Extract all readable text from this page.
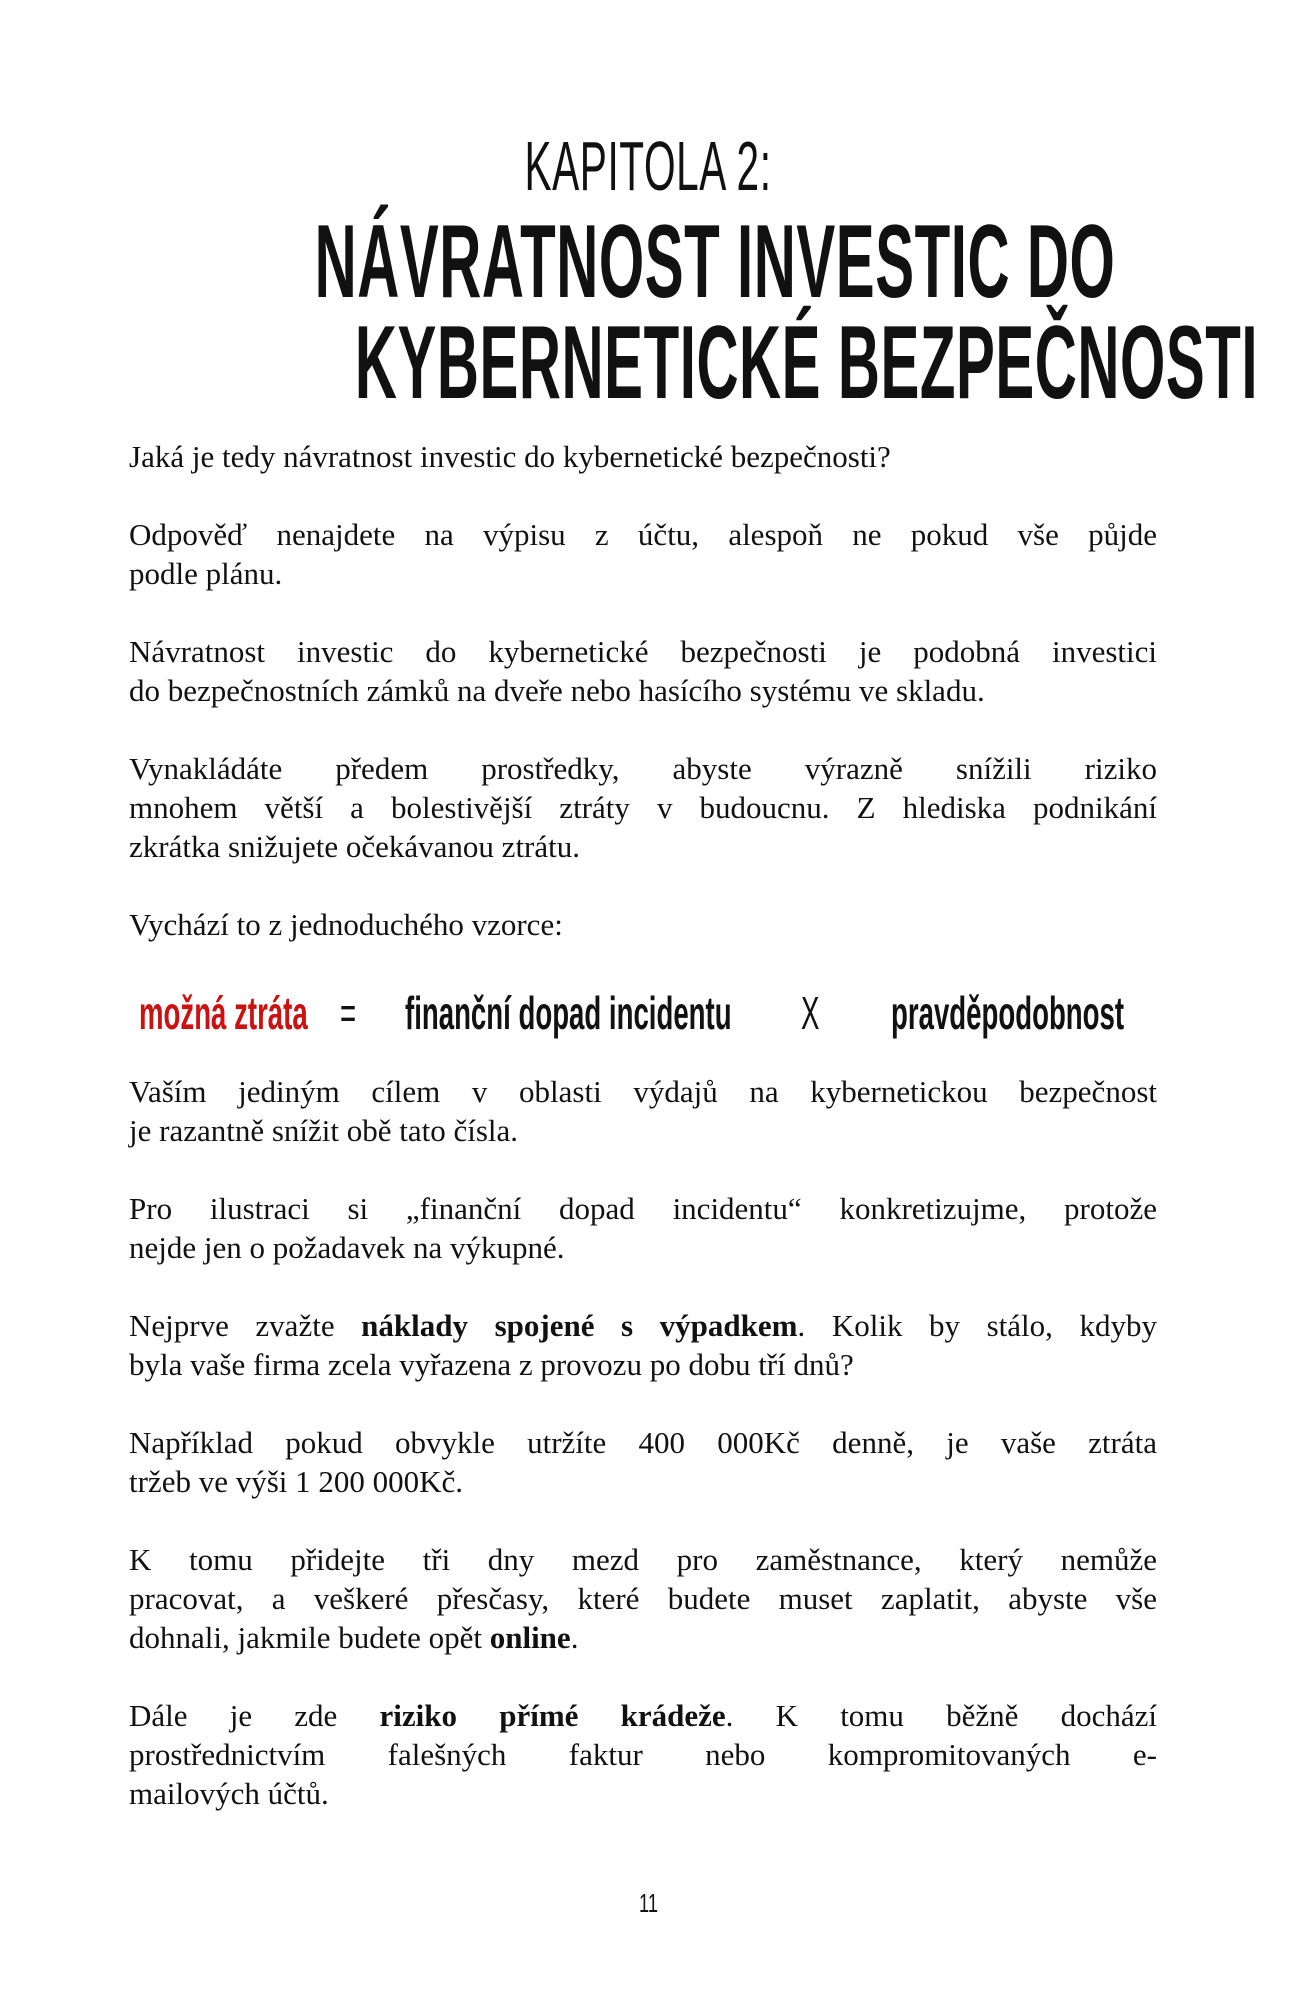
KAPITOLA 2:
NÁVRATNOST INVESTIC DO
KYBERNETICKÉ BEZPEČNOSTI
Jaká je tedy návratnost investic do kybernetické bezpečnosti?
Odpověď nenajdete na výpisu z účtu, alespoň ne pokud vše půjde
podle plánu.
Návratnost investic do kybernetické bezpečnosti je podobná investici
do bezpečnostních zámků na dveře nebo hasícího systému ve skladu.
Vynakládáte předem prostředky, abyste výrazně snížili riziko
mnohem větší a bolestivější ztráty v budoucnu. Z hlediska podnikání
zkrátka snižujete očekávanou ztrátu.
Vychází to z jednoduchého vzorce:
možná ztráta = finanční dopad incidentu X pravděpodobnost
Vaším jediným cílem v oblasti výdajů na kybernetickou bezpečnost
je razantně snížit obě tato čísla.
Pro ilustraci si „finanční dopad incidentu“ konkretizujme, protože
nejde jen o požadavek na výkupné.
Nejprve zvažte náklady spojené s výpadkem. Kolik by stálo, kdyby
byla vaše firma zcela vyřazena z provozu po dobu tří dnů?
Například pokud obvykle utržíte 400 000Kč denně, je vaše ztráta
tržeb ve výši 1 200 000Kč.
K tomu přidejte tři dny mezd pro zaměstnance, který nemůže
pracovat, a veškeré přesčasy, které budete muset zaplatit, abyste vše
dohnali, jakmile budete opět online.
Dále je zde riziko přímé krádeže. K tomu běžně dochází
prostřednictvím falešných faktur nebo kompromitovaných e-
mailových účtů.
11
